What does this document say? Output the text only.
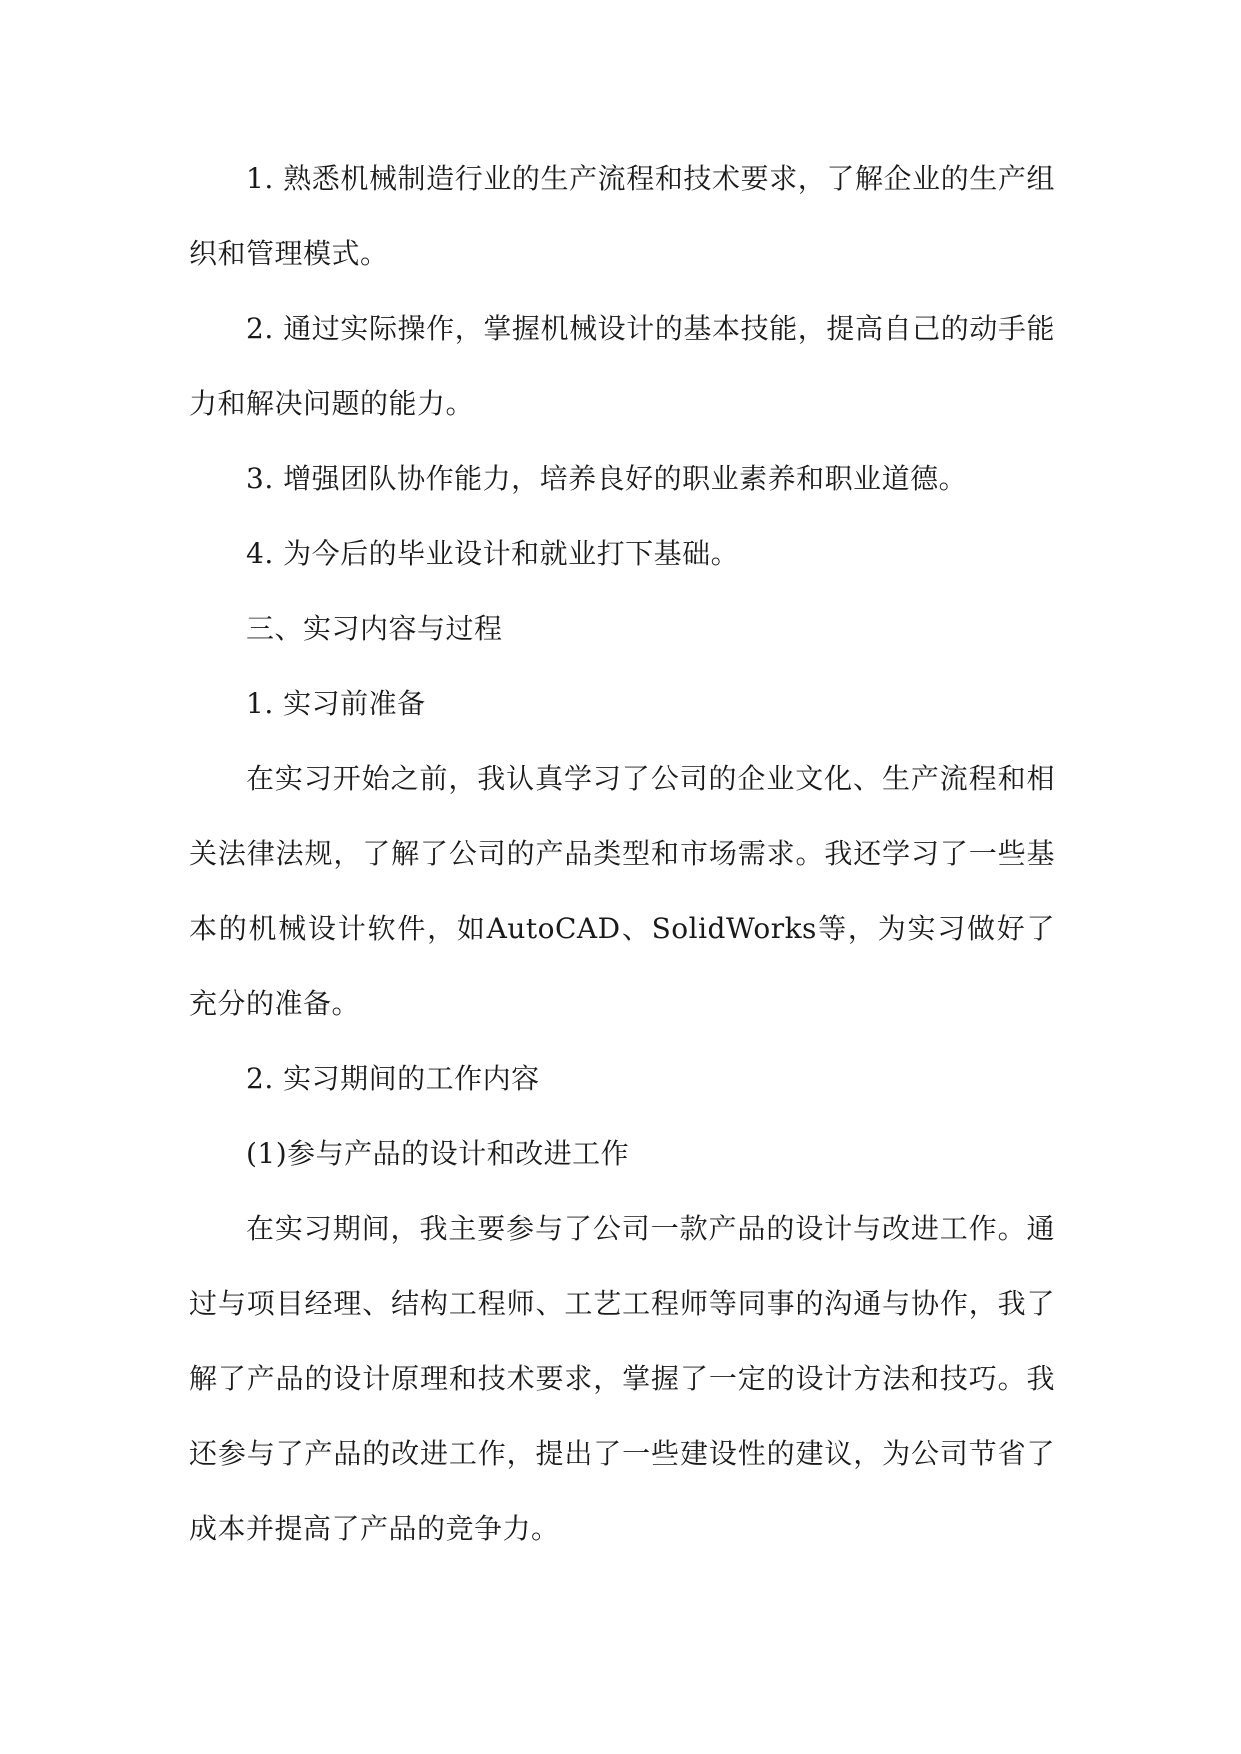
1. 熟悉机械制造行业的生产流程和技术要求，了解企业的生产组织和管理模式。

2. 通过实际操作，掌握机械设计的基本技能，提高自己的动手能力和解决问题的能力。

3. 增强团队协作能力，培养良好的职业素养和职业道德。

4. 为今后的毕业设计和就业打下基础。

三、实习内容与过程

1. 实习前准备

在实习开始之前，我认真学习了公司的企业文化、生产流程和相关法律法规，了解了公司的产品类型和市场需求。我还学习了一些基本的机械设计软件，如AutoCAD、SolidWorks等，为实习做好了充分的准备。

2. 实习期间的工作内容

(1)参与产品的设计和改进工作

在实习期间，我主要参与了公司一款产品的设计与改进工作。通过与项目经理、结构工程师、工艺工程师等同事的沟通与协作，我了解了产品的设计原理和技术要求，掌握了一定的设计方法和技巧。我还参与了产品的改进工作，提出了一些建设性的建议，为公司节省了成本并提高了产品的竞争力。
